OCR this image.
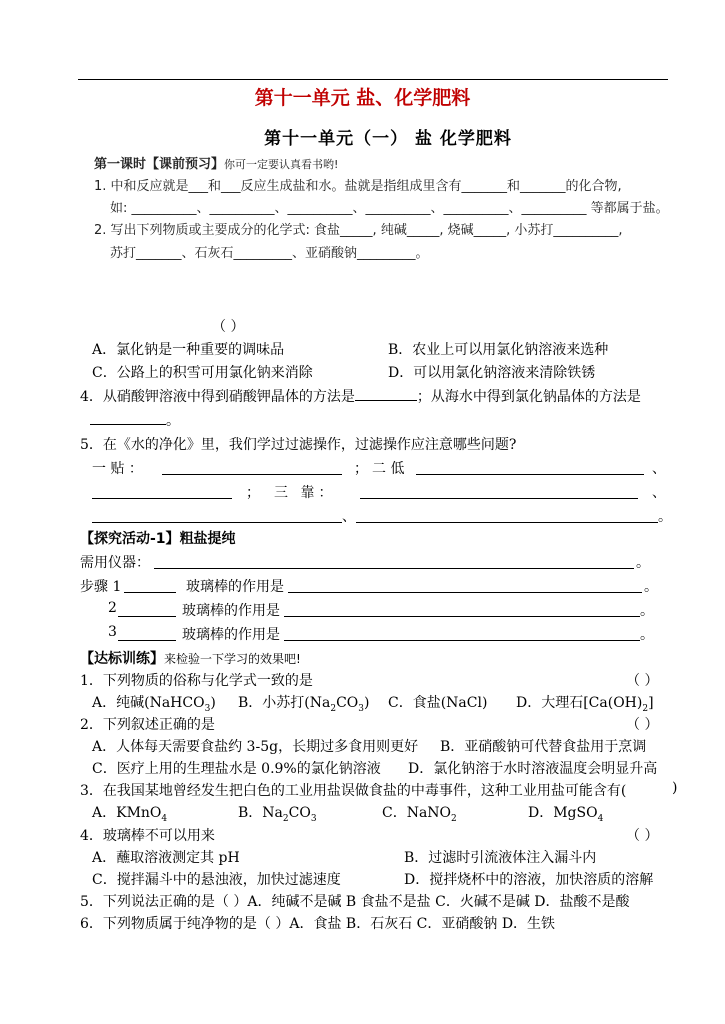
第十一单元 盐、化学肥料
第十一单元（一） 盐 化学肥料
第一课时【课前预习】你可一定要认真看书哟!
1. 中和反应就是___和___反应生成盐和水。盐就是指组成里含有_______和_______的化合物,
如: __________、__________、__________、__________、__________、__________ 等都属于盐。
2. 写出下列物质或主要成分的化学式: 食盐_____, 纯碱_____, 烧碱_____, 小苏打__________,
苏打_______、石灰石_________、亚硝酸钠_________。
（ ）
A．氯化钠是一种重要的调味品	B．农业上可以用氯化钠溶液来选种
C．公路上的积雪可用氯化钠来消除	D．可以用氯化钠溶液来清除铁锈
4．从硝酸钾溶液中得到硝酸钾晶体的方法是	；从海水中得到氯化钠晶体的方法是
。
5．在《水的净化》里，我们学过过滤操作，过滤操作应注意哪些问题?
一 贴 ：	； 二 低	、
； 三 靠：	、
、	。
【探究活动-1】粗盐提纯
需用仪器：	。
步骤 1	玻璃棒的作用是	。
2	玻璃棒的作用是	。
3	玻璃棒的作用是	。
【达标训练】来检验一下学习的效果吧!
1．下列物质的俗称与化学式一致的是	（ ）
A．纯碱(NaHCO$_3$) B．小苏打$(Na_2CO_3)$ C．食盐(NaCl) D．大理石$[Ca(OH)_2]$
2．下列叙述正确的是	（ ）
A．人体每天需要食盐约 3-5g，长期过多食用则更好 B．亚硝酸钠可代替食盐用于烹调
C．医疗上用的生理盐水是 0.9%的氯化钠溶液 D．氯化钠溶于水时溶液温度会明显升高
3．在我国某地曾经发生把白色的工业用盐误做食盐的中毒事件，这种工业用盐可能含有(	)
A．KMnO$_4$	B．$Na_2CO_3$	C．NaNO$_2$	D．MgSO$_4$
4．玻璃棒不可以用来	（ ）
A．蘸取溶液测定其 pH	B．过滤时引流液体注入漏斗内
C．搅拌漏斗中的悬浊液，加快过滤速度	D．搅拌烧杯中的溶液，加快溶质的溶解
5．下列说法正确的是（ ）A．纯碱不是碱 B 食盐不是盐 C．火碱不是碱 D．盐酸不是酸
6．下列物质属于纯净物的是（ ）A．食盐 B．石灰石 C．亚硝酸钠 D．生铁
